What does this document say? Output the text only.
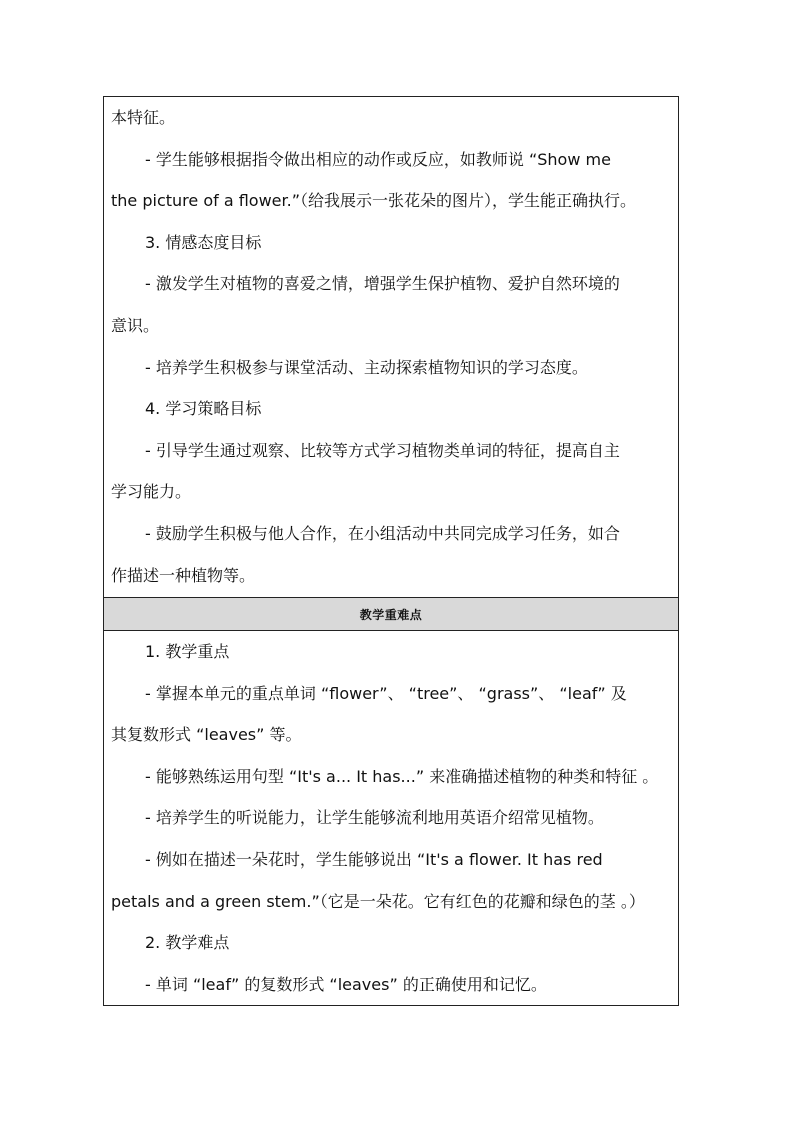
本特征。
- 学生能够根据指令做出相应的动作或反应，如教师说 “Show me
the picture of a flower.”（给我展示一张花朵的图片），学生能正确执行。
3. 情感态度目标
- 激发学生对植物的喜爱之情，增强学生保护植物、爱护自然环境的
意识。
- 培养学生积极参与课堂活动、主动探索植物知识的学习态度。
4. 学习策略目标
- 引导学生通过观察、比较等方式学习植物类单词的特征，提高自主
学习能力。
- 鼓励学生积极与他人合作，在小组活动中共同完成学习任务，如合
作描述一种植物等。
教学重难点
1. 教学重点
- 掌握本单元的重点单词 “flower”、 “tree”、 “grass”、 “leaf” 及
其复数形式 “leaves” 等。
- 能够熟练运用句型 “It's a... It has...” 来准确描述植物的种类和特征 。
- 培养学生的听说能力，让学生能够流利地用英语介绍常见植物。
- 例如在描述一朵花时，学生能够说出 “It's a flower. It has red
petals and a green stem.”（它是一朵花。它有红色的花瓣和绿色的茎 。）
2. 教学难点
- 单词 “leaf” 的复数形式 “leaves” 的正确使用和记忆。
